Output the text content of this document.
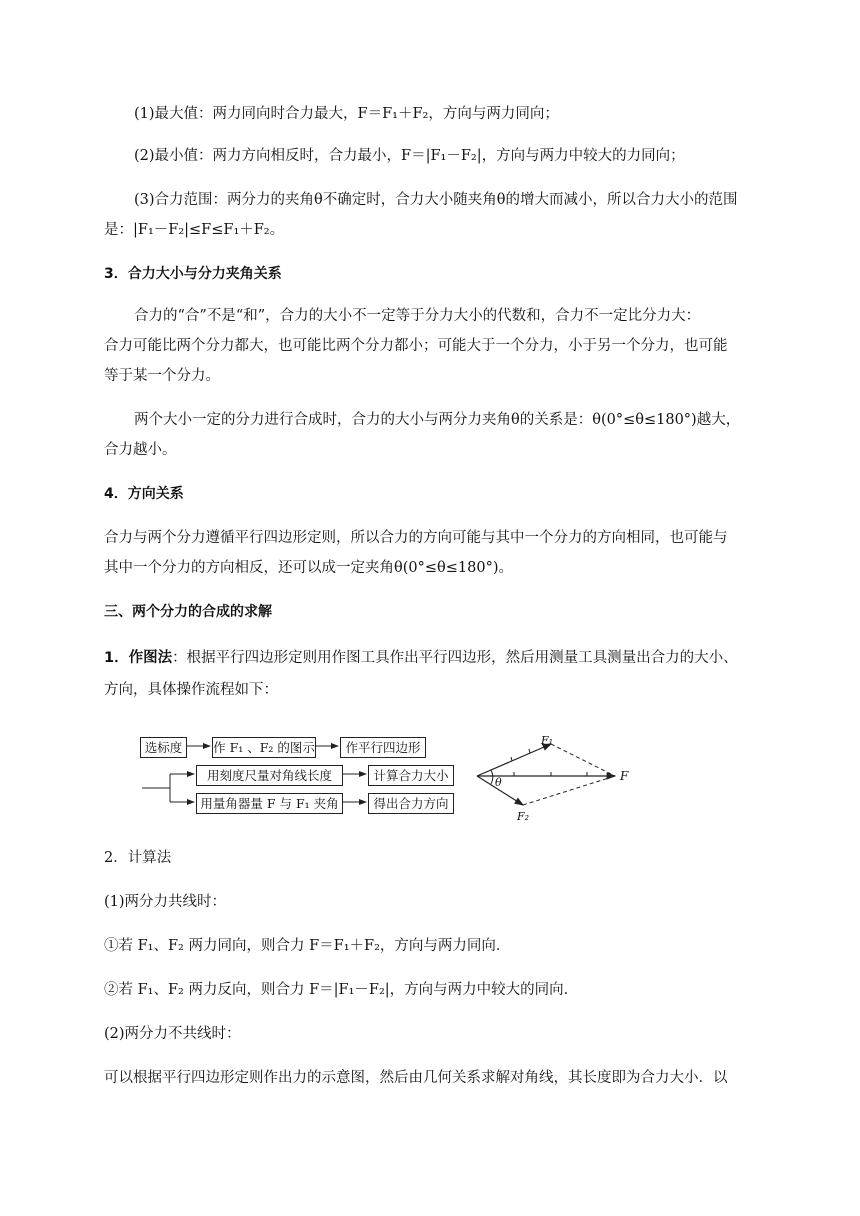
(1)最大值：两力同向时合力最大，F＝F₁＋F₂，方向与两力同向；
(2)最小值：两力方向相反时，合力最小，F＝|F₁－F₂|，方向与两力中较大的力同向；
(3)合力范围：两分力的夹角θ不确定时，合力大小随夹角θ的增大而减小，所以合力大小的范围
是：|F₁－F₂|≤F≤F₁＋F₂。
3．合力大小与分力夹角关系
合力的“合”不是“和”，合力的大小不一定等于分力大小的代数和，合力不一定比分力大：
合力可能比两个分力都大，也可能比两个分力都小；可能大于一个分力，小于另一个分力，也可能
等于某一个分力。
两个大小一定的分力进行合成时，合力的大小与两分力夹角θ的关系是：θ(0°≤θ≤180°)越大，
合力越小。
4．方向关系
合力与两个分力遵循平行四边形定则，所以合力的方向可能与其中一个分力的方向相同，也可能与
其中一个分力的方向相反，还可以成一定夹角θ(0°≤θ≤180°)。
三、两个分力的合成的求解
1．作图法：根据平行四边形定则用作图工具作出平行四边形，然后用测量工具测量出合力的大小、
方向，具体操作流程如下：
选标度	作 F₁ 、F₂ 的图示	作平行四边形
用刻度尺量对角线长度	计算合力大小
用量角器量 F 与 F₁ 夹角	得出合力方向
F₁
F₂
F
θ
2．计算法
(1)两分力共线时：
①若 F₁、F₂ 两力同向，则合力 F＝F₁＋F₂，方向与两力同向．
②若 F₁、F₂ 两力反向，则合力 F＝|F₁－F₂|，方向与两力中较大的同向．
(2)两分力不共线时：
可以根据平行四边形定则作出力的示意图，然后由几何关系求解对角线，其长度即为合力大小．以
